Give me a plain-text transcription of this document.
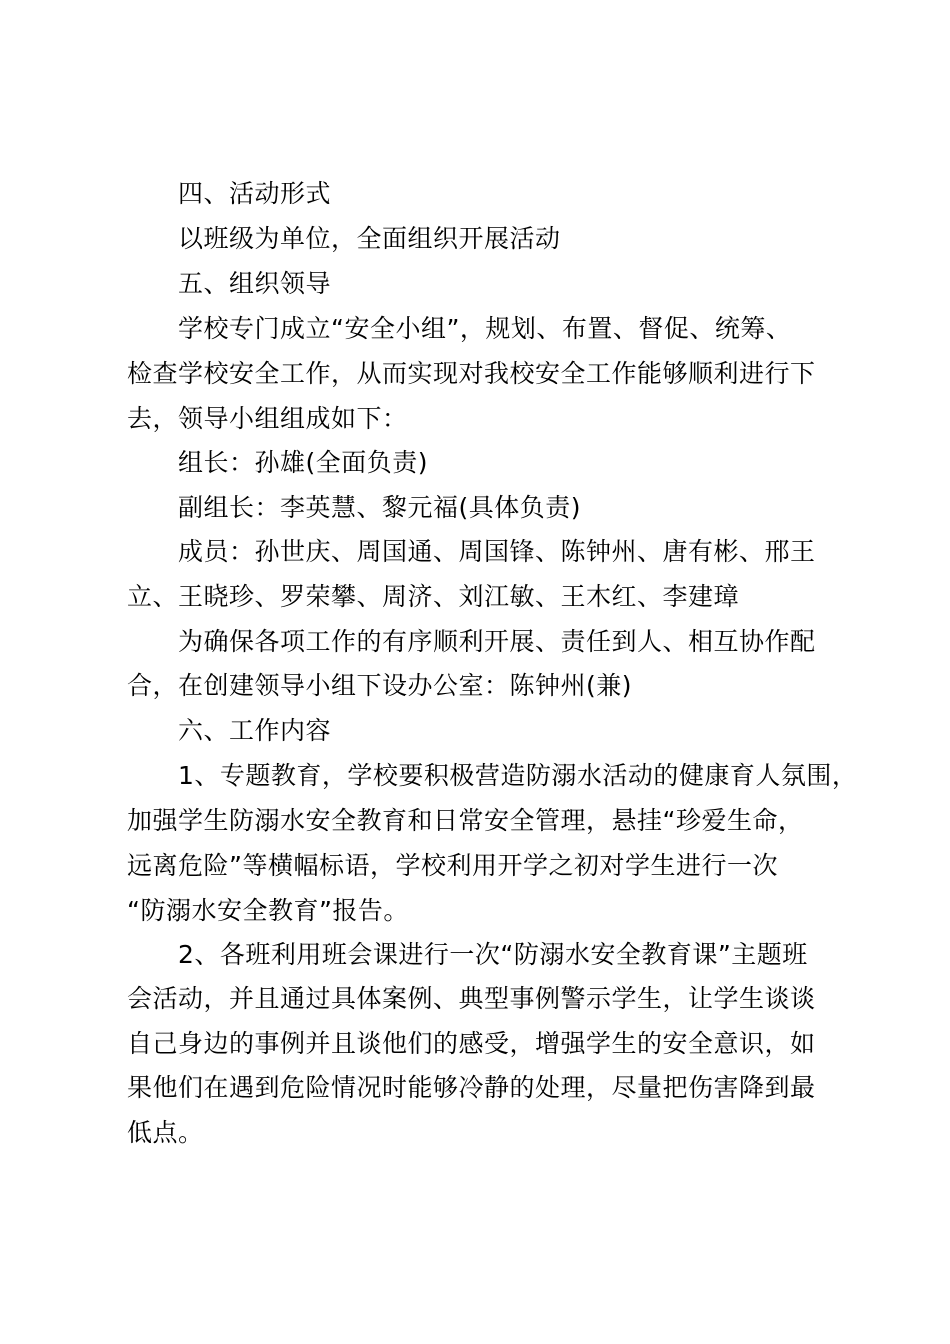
四、活动形式
以班级为单位，全面组织开展活动
五、组织领导
学校专门成立“安全小组”，规划、布置、督促、统筹、
检查学校安全工作，从而实现对我校安全工作能够顺利进行下
去，领导小组组成如下：
组长：孙雄(全面负责)
副组长：李英慧、黎元福(具体负责)
成员：孙世庆、周国通、周国锋、陈钟州、唐有彬、邢王
立、王晓珍、罗荣攀、周济、刘江敏、王木红、李建璋
为确保各项工作的有序顺利开展、责任到人、相互协作配
合，在创建领导小组下设办公室：陈钟州(兼)
六、工作内容
1、专题教育，学校要积极营造防溺水活动的健康育人氛围，
加强学生防溺水安全教育和日常安全管理，悬挂“珍爱生命，
远离危险”等横幅标语，学校利用开学之初对学生进行一次
“防溺水安全教育”报告。
2、各班利用班会课进行一次“防溺水安全教育课”主题班
会活动，并且通过具体案例、典型事例警示学生，让学生谈谈
自己身边的事例并且谈他们的感受，增强学生的安全意识，如
果他们在遇到危险情况时能够冷静的处理，尽量把伤害降到最
低点。
